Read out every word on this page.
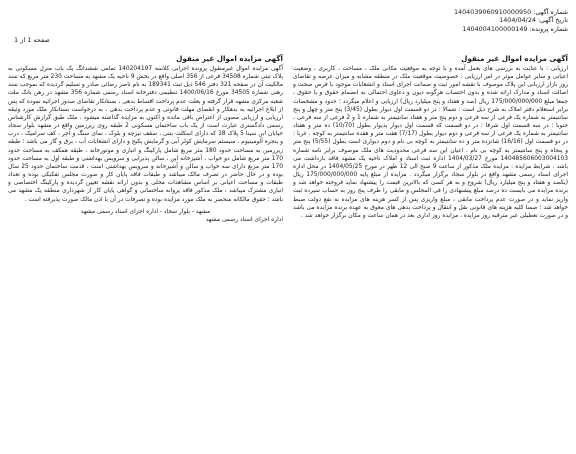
شماره آگهی: 1404039060910000950
تاریخ آگهی: 1404/04/24
شماره پرونده: 1404004100000149
صفحه 1 از 1
آگهی مزایده اموال غیر منقول

ارزیابی : با عنایت به بررسی های بعمل آمده و با توجه به موقعیت مکانی ملک ، مساحت ، کاربری ، وضعیت اعیانی و سایر عوامل موثر در امر ارزیابی ، خصوصیت موقعیت ملک در منطقه مشابه و میزان عرضه و تقاضای روز بازار ارزیابی این پلاک موصوف با نقشه امور ثبت و ضمانت اجرای اسناد و انشعابات موجود با فرض صحت و اصالت اسناد و مدارک ارائه شده و بدون احتساب هرگونه دیون و دعاوی احتمالی به انضمام حقوق و یا حقوق ، جمعا مبلغ 175/000/000/000 ریال (صد و هفتاد و پنج میلیارد ریال) ارزیابی و اعلام میگردد ؛ حدود و مشخصات برابر استعلام دفتر املاک به شرح ذیل است : شمالا : در دو قسمت اول دیوار بطول (3/45) پنج متر و چهل و پنج سانتیمتر به شماره یک فرعی از سه فرعی و دوم پنج متر و هفتاد سانتیمتر به شماره 1 و 2 فرعی از سه فرعی ، جنوبا : در سه قسمت اول شرقا : در دو قسمت که قسمت اول دیوار بدیوار بطول (10/70) ده متر و هفتاد سانتیمتر به شماره یک فرعی از سه فرعی و دوم دیوار بطول (7/17) هفت متر و هفده سانتیمتر به کوچه ، غربا : در دو قسمت اول (16/16) شانزده متر و ده سانتیمتر به کوچه بی نام و دوم دیواری است بطول (5/55) پنج متر و پنجاه و پنج سانتیمتر به کوچه بی نام . اعیان این سه فرعی محدودیت های ملک موصوف برابر نامه شماره 140485606003004103 مورخ 1404/03/27 اداره ثبت اسناد و املاک ناحیه یک مشهد فاقد بازداشت می باشد . شرایط مزایده : مزایده ملک مذکور از ساعت 9 صبح الی 12 ظهر در مورخ 1404/05/25 در محل اداره اجرای اسناد رسمی مشهد واقع در بلوار سجاد برگزار میگردد . مزایده از مبلغ پایه 175/000/000/000 ریال (یکصد و هفتاد و پنج میلیارد ریال) شروع و به هر کسی که بالاترین قیمت را پیشنهاد نماید فروخته خواهد شد و برنده مزایده می بایست ده درصد مبلغ پیشنهادی را فی المجلس و مابقی را ظرف پنج روز به حساب سپرده ثبت واریز نماید و در صورت عدم پرداخت مابقی ، مبلغ واریزی پس از کسر هزینه های مزایده به نفع دولت ضبط خواهد شد ؛ ضمنا کلیه هزینه های قانونی نقل و انتقال و پرداخت بدهی های معوق به عهده برنده مزایده می باشد و در صورت تعطیلی غیر مترقبه روز مزایده ، مزایده روز اداری بعد در همان ساعت و مکان برگزار خواهد شد .

آگهی مزایده اموال غیر منقول

آگهی مزایده اموال غیرمنقول پرونده اجرایی کلاسه 140204197 تمامی ششدانگ یک باب منزل مسکونی به پلاک ثبتی شماره 34508 فرعی از 356 اصلی واقع در بخش 9 ناحیه یک مشهد به مساحت 230 متر مربع که سند مالکیت آن در صفحه 321 دفتر 546 ذیل ثبت 189341 به نام ناصر رضائی صادر و تسلیم گردیده که بموجب سند رهنی شماره 34505 مورخ 1400/06/16 تنظیمی دفترخانه اسناد رسمی شماره 356 مشهد در رهن بانک ملت شعبه مرکزی مشهد قرار گرفته و بعلت عدم پرداخت اقساط بدهی ، بستانکار تقاضای صدور اجرائیه نموده که پس از ابلاغ اجرائیه به بدهکار و انقضای مهلت قانونی و عدم پرداخت بدهی ، به درخواست بستانکار ملک مورد وثیقه ارزیابی و ارزیابی مصون از اعتراض باقی مانده و اکنون به مزایده گذاشته میشود . ملک طبق گزارش کارشناس رسمی دادگستری عبارت است از یک باب ساختمان مسکونی 2 طبقه روی زیرزمین واقع در مشهد بلوار سجاد خیابان ابن سینا 5 پلاک 18 که دارای اسکلت بتنی ، سقف تیرچه و بلوک ، نمای سنگ و آجر ، کف سرامیک ، درب و پنجره آلومینیوم ، سیستم سرمایش کولر آبی و گرمایش پکیج و دارای انشعابات آب ، برق و گاز می باشد ؛ طبقه زیرزمین به مساحت حدود 180 متر مربع شامل پارکینگ و انباری و موتورخانه ، طبقه همکف به مساحت حدود 170 متر مربع شامل دو خواب ، آشپزخانه اپن ، سالن پذیرایی و سرویس بهداشتی و طبقه اول به مساحت حدود 170 متر مربع دارای سه خواب و سالن و آشپزخانه و سرویس بهداشتی است ، قدمت ساختمان حدود 25 سال بوده و در حال حاضر در تصرف مالک میباشد و طبقات فاقد پایان کار و صورت مجلس تفکیکی بوده و تعداد طبقات و مساحت اعیانی بر اساس مشاهدات محلی و بدون ارائه نقشه تعیین گردیده و پارکینگ اختصاصی و انباری مشترک میباشد ، ملک مذکور فاقد پروانه ساختمانی و گواهی پایان کار از شهرداری منطقه یک مشهد می باشد ؛ حقوق مالکانه منحصر به ملک مورد مزایده بوده و تصرفات در آن با اذن مالک صورت پذیرفته است .

مشهد - بلوار سجاد - اداره اجرای اسناد رسمی مشهد
اداره اجرای اسناد رسمی مشهد
